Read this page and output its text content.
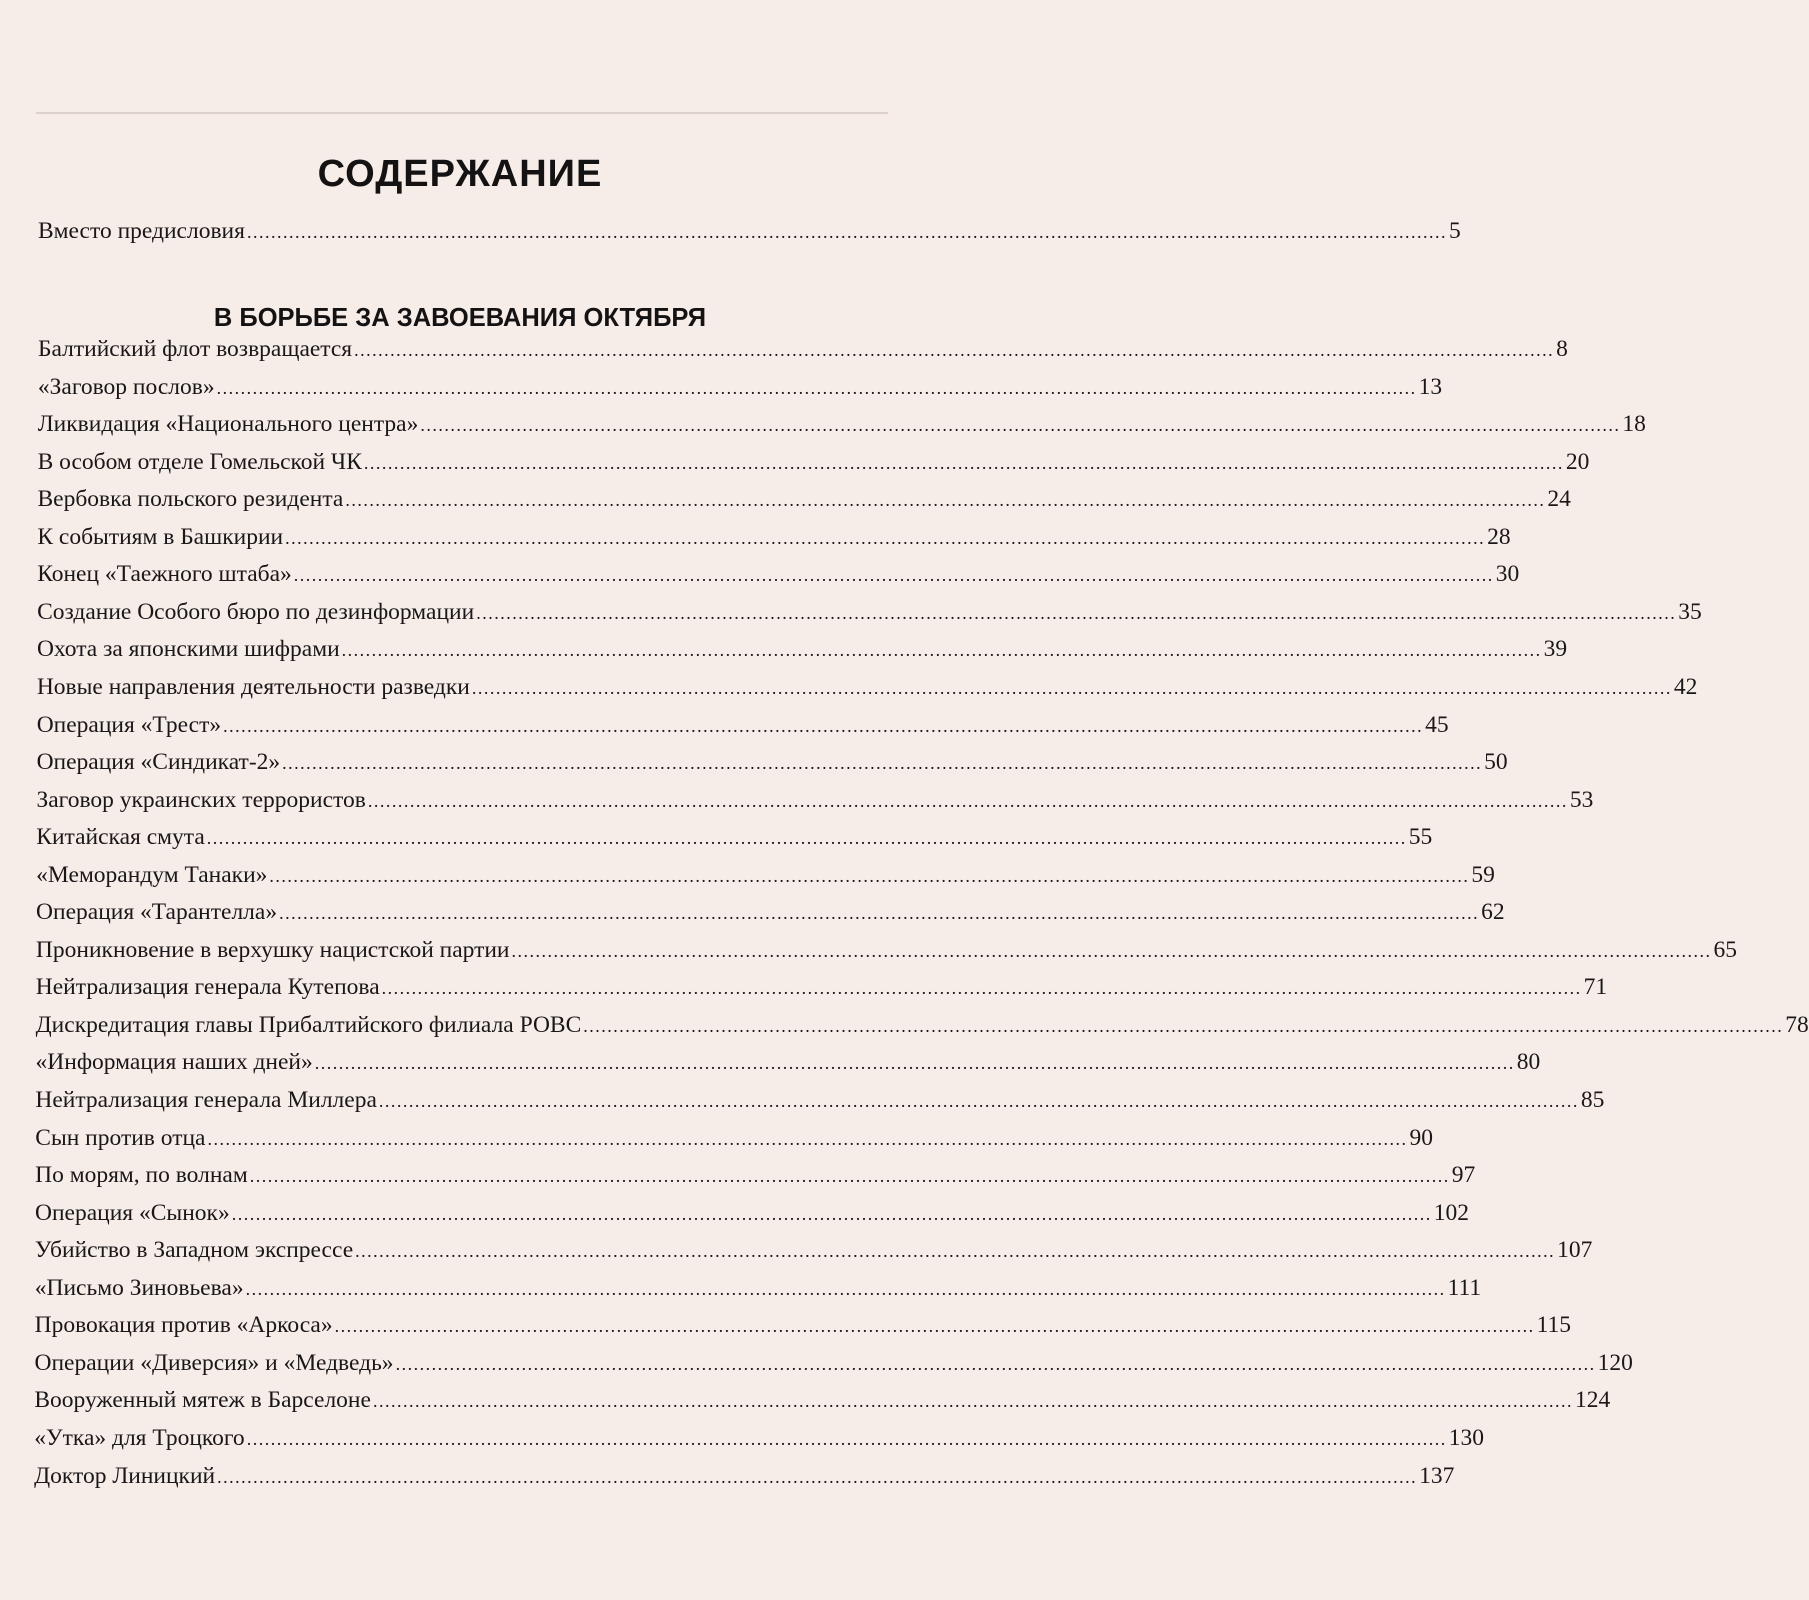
СОДЕРЖАНИЕ
Вместо предисловия ........................................................................................................................................................................................................ 5
В БОРЬБЕ ЗА ЗАВОЕВАНИЯ ОКТЯБРЯ
Балтийский флот возвращается ........................................................................................................................................................................................................ 8
«Заговор послов» ........................................................................................................................................................................................................ 13
Ликвидация «Национального центра» ........................................................................................................................................................................................................ 18
В особом отделе Гомельской ЧК ........................................................................................................................................................................................................ 20
Вербовка польского резидента ........................................................................................................................................................................................................ 24
К событиям в Башкирии ........................................................................................................................................................................................................ 28
Конец «Таежного штаба» ........................................................................................................................................................................................................ 30
Создание Особого бюро по дезинформации ........................................................................................................................................................................................................ 35
Охота за японскими шифрами ........................................................................................................................................................................................................ 39
Новые направления деятельности разведки ........................................................................................................................................................................................................ 42
Операция «Трест» ........................................................................................................................................................................................................ 45
Операция «Синдикат-2» ........................................................................................................................................................................................................ 50
Заговор украинских террористов ........................................................................................................................................................................................................ 53
Китайская смута ........................................................................................................................................................................................................ 55
«Меморандум Танаки» ........................................................................................................................................................................................................ 59
Операция «Тарантелла» ........................................................................................................................................................................................................ 62
Проникновение в верхушку нацистской партии ........................................................................................................................................................................................................ 65
Нейтрализация генерала Кутепова ........................................................................................................................................................................................................ 71
Дискредитация главы Прибалтийского филиала РОВС ........................................................................................................................................................................................................ 78
«Информация наших дней» ........................................................................................................................................................................................................ 80
Нейтрализация генерала Миллера ........................................................................................................................................................................................................ 85
Сын против отца ........................................................................................................................................................................................................ 90
По морям, по волнам ........................................................................................................................................................................................................ 97
Операция «Сынок» ........................................................................................................................................................................................................ 102
Убийство в Западном экспрессе ........................................................................................................................................................................................................ 107
«Письмо Зиновьева» ........................................................................................................................................................................................................ 111
Провокация против «Аркоса» ........................................................................................................................................................................................................ 115
Операции «Диверсия» и «Медведь» ........................................................................................................................................................................................................ 120
Вооруженный мятеж в Барселоне ........................................................................................................................................................................................................ 124
«Утка» для Троцкого ........................................................................................................................................................................................................ 130
Доктор Линицкий ........................................................................................................................................................................................................ 137
